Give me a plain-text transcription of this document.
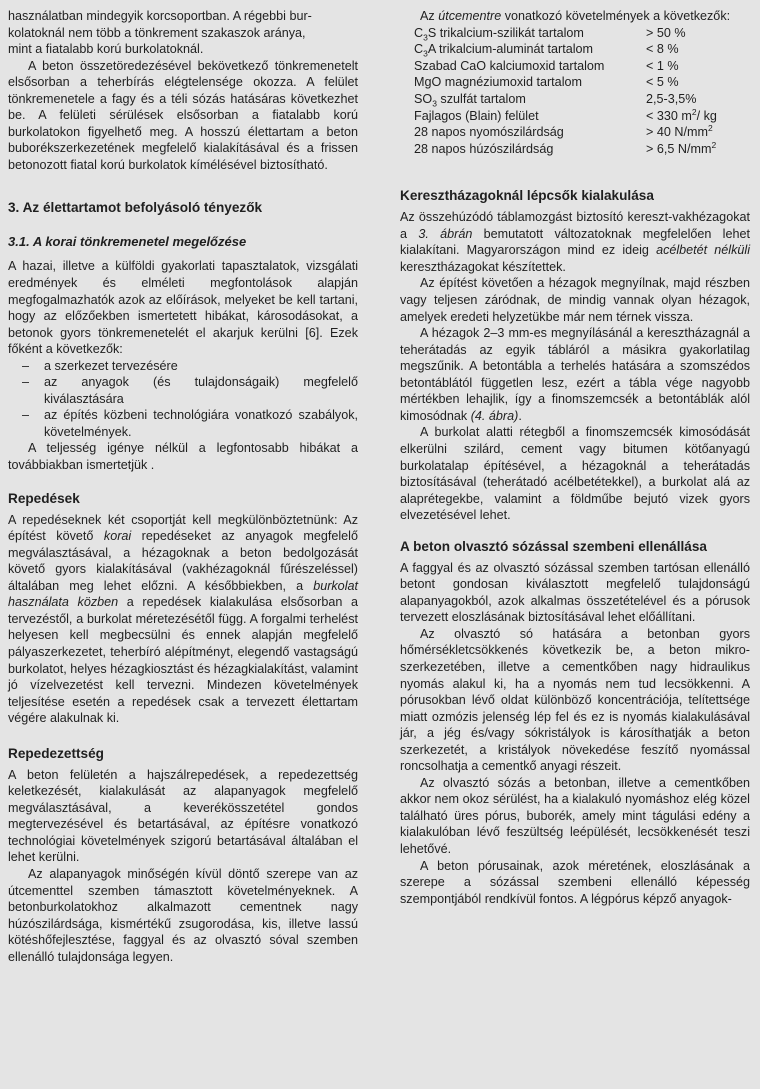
használatban mindegyik korcsoportban. A régebbi bur-

kolatoknál nem több a tönkrement szakaszok aránya,

mint a fiatalabb korú burkolatoknál.

A beton összetöredezésével bekövetkező tönkremenetelt elsősorban a teherbírás elégtelensége okozza. A felület tönkremenetele a fagy és a téli sózás hatásáras következhet be. A felületi sérülések elsősorban a fiatalabb korú burkolatokon figyelhető meg. A hosszú élettartam a beton buborékszerkezetének megfelelő kialakításával és a frissen betonozott fiatal korú burkolatok kímélésével biztosítható.

3. Az élettartamot befolyásoló tényezők
3.1. A korai tönkremenetel megelőzése

A hazai, illetve a külföldi gyakorlati tapasztalatok, vizsgálati eredmények és elméleti megfontolások alapján megfogalmazhatók azok az előírások, melyeket be kell tartani, hogy az előzőekben ismertetett hibákat, károsodásokat, a betonok gyors tönkremenetelét el akarjuk kerülni [6]. Ezek főként a következők:

– a szerkezet tervezésére
– az anyagok (és tulajdonságaik) megfelelő kiválasztására
– az építés közbeni technológiára vonatkozó szabályok, követelmények.

A teljesség igénye nélkül a legfontosabb hibákat a továbbiakban ismertetjük .

Repedések

A repedéseknek két csoportját kell megkülönböztetnünk: Az építést követő korai repedéseket az anyagok megfelelő megválasztásával, a hézagoknak a beton bedolgozását követő gyors kialakításával (vakhézagoknál fűrészeléssel) általában meg lehet előzni. A későbbiekben, a burkolat használata közben a repedések kialakulása elsősorban a tervezéstől, a burkolat méretezésétől függ. A forgalmi terhelést helyesen kell megbecsülni és ennek alapján megfelelő pályaszerkezetet, teherbíró alépítményt, elegendő vastagságú burkolatot, helyes hézagkiosztást és hézagkialakítást, valamint jó vízelvezetést kell tervezni. Mindezen követelmények teljesítése esetén a repedések csak a tervezett élettartam végére alakulnak ki.

Repedezettség

A beton felületén a hajszálrepedések, a repedezettség keletkezését, kialakulását az alapanyagok megfelelő megválasztásával, a keverékösszetétel gondos megtervezésével és betartásával, az építésre vonatkozó technológiai követelmények szigorú betartásával általában el lehet kerülni.

Az alapanyagok minőségén kívül döntő szerepe van az útcementtel szemben támasztott követelményeknek. A betonburkolatokhoz alkalmazott cementnek nagy húzószilárdsága, kismértékű zsugorodása, kis, illetve lassú kötéshőfejlesztése, faggyal és az olvasztó sóval szemben ellenálló tulajdonsága legyen.

Az útcementre vonatkozó követelmények a következők:

$C_3S$ trikalcium-szilikát tartalom	> 50 %
$C_3A$ trikalcium-aluminát tartalom	< 8 %
Szabad CaO kalciumoxid tartalom	< 1 %
MgO magnéziumoxid tartalom	< 5 %
$SO_3$ szulfát tartalom	2,5-3,5%
Fajlagos (Blain) felület	< 330 $m^2/$ kg
28 napos nyomószilárdság	> 40 $N/mm^2$
28 napos húzószilárdság	> 6,5 $N/mm^2$
Keresztházagoknál lépcsők kialakulása

Az összehúzódó táblamozgást biztosító kereszt-vakhézagokat a 3. ábrán bemutatott változatoknak megfelelően lehet kialakítani. Magyarországon mind ez ideig acélbetét nélküli keresztházagokat készítettek.

Az építést követően a hézagok megnyílnak, majd részben vagy teljesen záródnak, de mindig vannak olyan hézagok, amelyek eredeti helyzetükbe már nem térnek vissza.

A hézagok 2–3 mm-es megnyílásánál a keresztházagnál a teherátadás az egyik tábláról a másikra gyakorlatilag megszűnik. A betontábla a terhelés hatására a szomszédos betontáblától független lesz, ezért a tábla vége nagyobb mértékben lehajlik, így a finomszemcsék a betontáblák alól kimosódnak (4. ábra).

A burkolat alatti rétegből a finomszemcsék kimosódását elkerülni szilárd, cement vagy bitumen kötőanyagú burkolatalap építésével, a hézagoknál a teherátadás biztosításával (teherátadó acélbetétekkel), a burkolat alá az alaprétegekbe, valamint a földműbe bejutó vizek gyors elvezetésével lehet.

A beton olvasztó sózással szembeni ellenállása

A faggyal és az olvasztó sózással szemben tartósan ellenálló betont gondosan kiválasztott megfelelő tulajdonságú alapanyagokból, azok alkalmas összetételével és a pórusok tervezett eloszlásának biztosításával lehet előállítani.

Az olvasztó só hatására a betonban gyors hőmérsékletcsökkenés következik be, a beton mikro-szerkezetében, illetve a cementkőben nagy hidraulikus nyomás alakul ki, ha a nyomás nem tud lecsökkenni. A pórusokban lévő oldat különböző koncentrációja, telítettsége miatt ozmózis jelenség lép fel és ez is nyomás kialakulásával jár, a jég és/vagy sókristályok is károsíthatják a beton szerkezetét, a kristályok növekedése feszítő nyomással roncsolhatja a cementkő anyagi részeit.

Az olvasztó sózás a betonban, illetve a cementkőben akkor nem okoz sérülést, ha a kialakuló nyomáshoz elég közel található üres pórus, buborék, amely mint tágulási edény a kialakulóban lévő feszültség leépülését, lecsökkenését teszi lehetővé.

A beton pórusainak, azok méretének, eloszlásának a szerepe a sózással szembeni ellenálló képesség szempontjából rendkívül fontos. A légpórus képző anyagok-
